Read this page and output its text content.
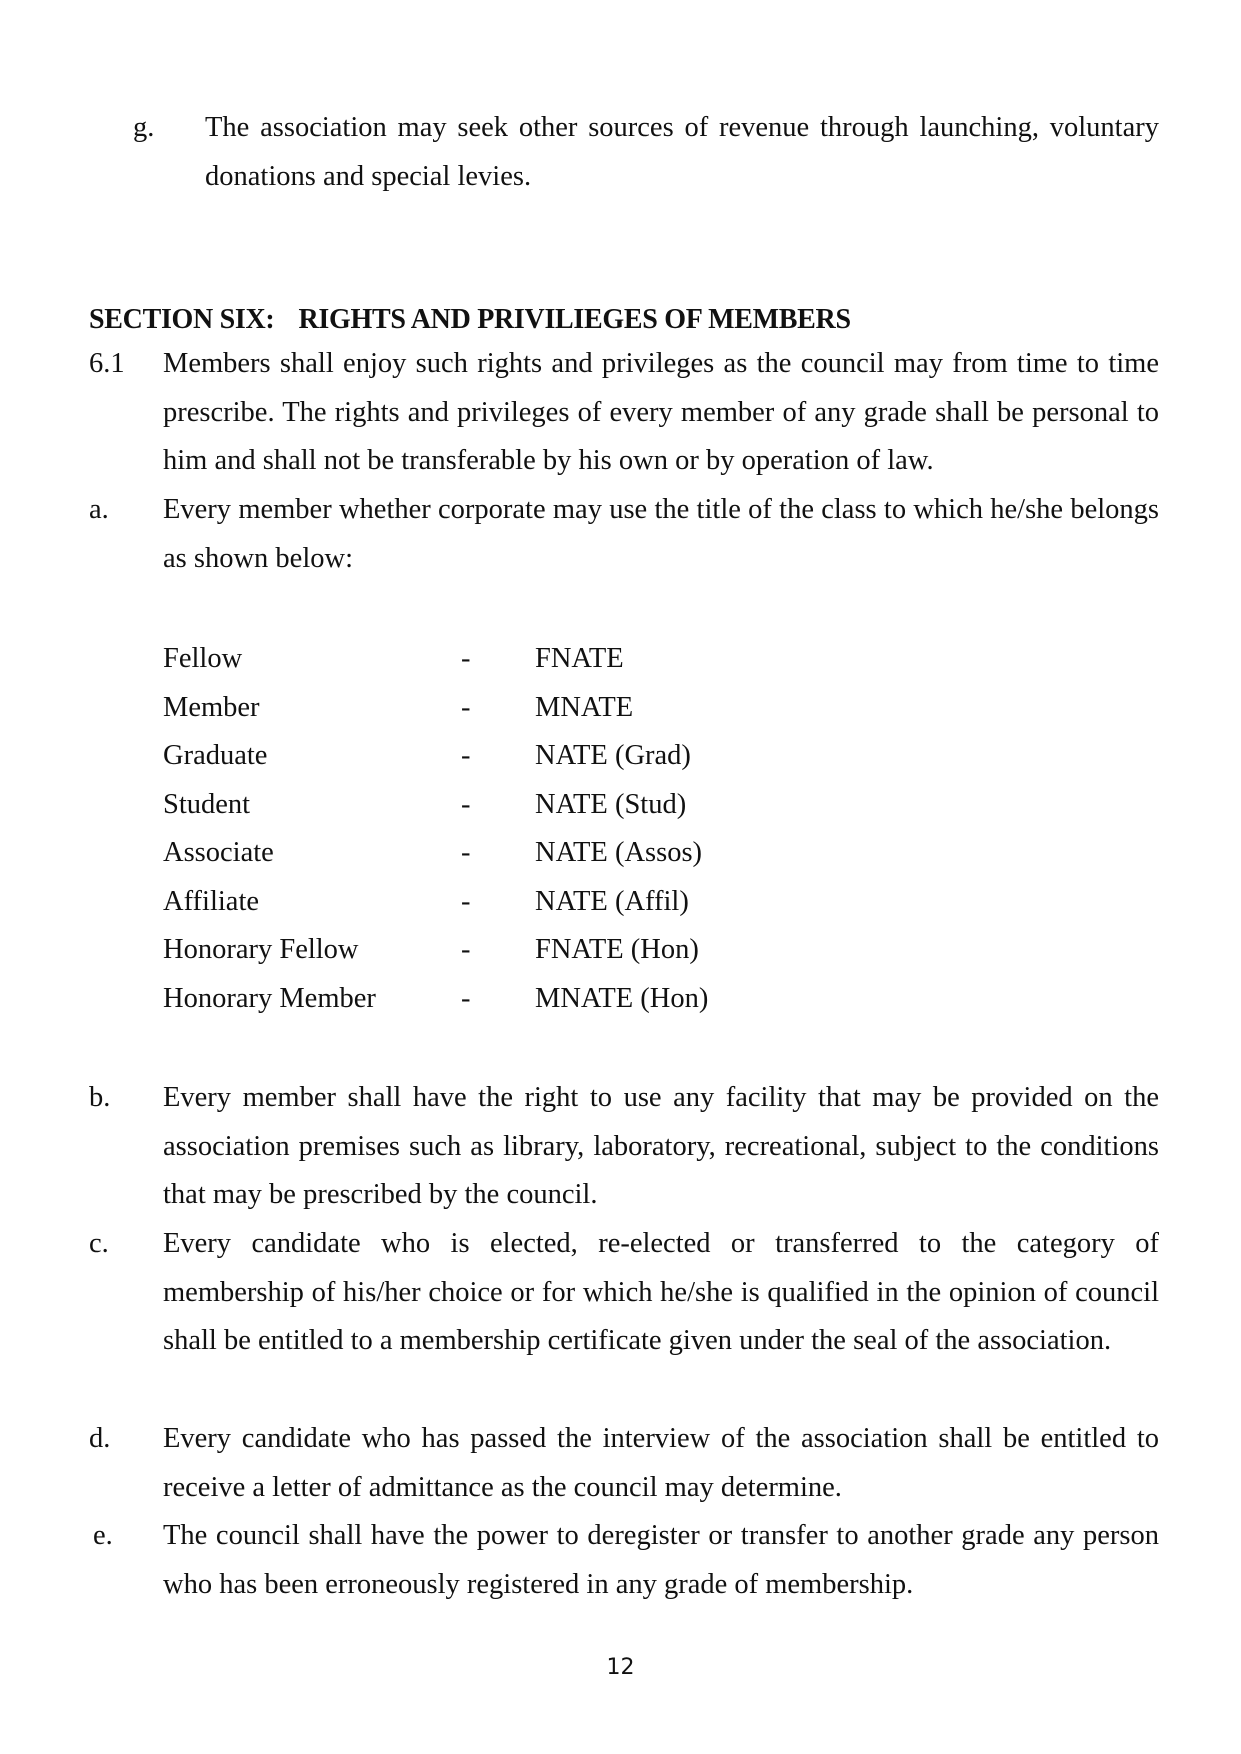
g. The association may seek other sources of revenue through launching, voluntary donations and special levies.
SECTION SIX: RIGHTS AND PRIVILIEGES OF MEMBERS
6.1 Members shall enjoy such rights and privileges as the council may from time to time prescribe. The rights and privileges of every member of any grade shall be personal to him and shall not be transferable by his own or by operation of law.
a. Every member whether corporate may use the title of the class to which he/she belongs as shown below:
Fellow	- FNATE
Member	- MNATE
Graduate	- NATE (Grad)
Student	- NATE (Stud)
Associate	- NATE (Assos)
Affiliate	- NATE (Affil)
Honorary Fellow	- FNATE (Hon)
Honorary Member	- MNATE (Hon)
b. Every member shall have the right to use any facility that may be provided on the association premises such as library, laboratory, recreational, subject to the conditions that may be prescribed by the council.
c. Every candidate who is elected, re-elected or transferred to the category of membership of his/her choice or for which he/she is qualified in the opinion of council shall be entitled to a membership certificate given under the seal of the association.
d. Every candidate who has passed the interview of the association shall be entitled to receive a letter of admittance as the council may determine.
e. The council shall have the power to deregister or transfer to another grade any person who has been erroneously registered in any grade of membership.
12
